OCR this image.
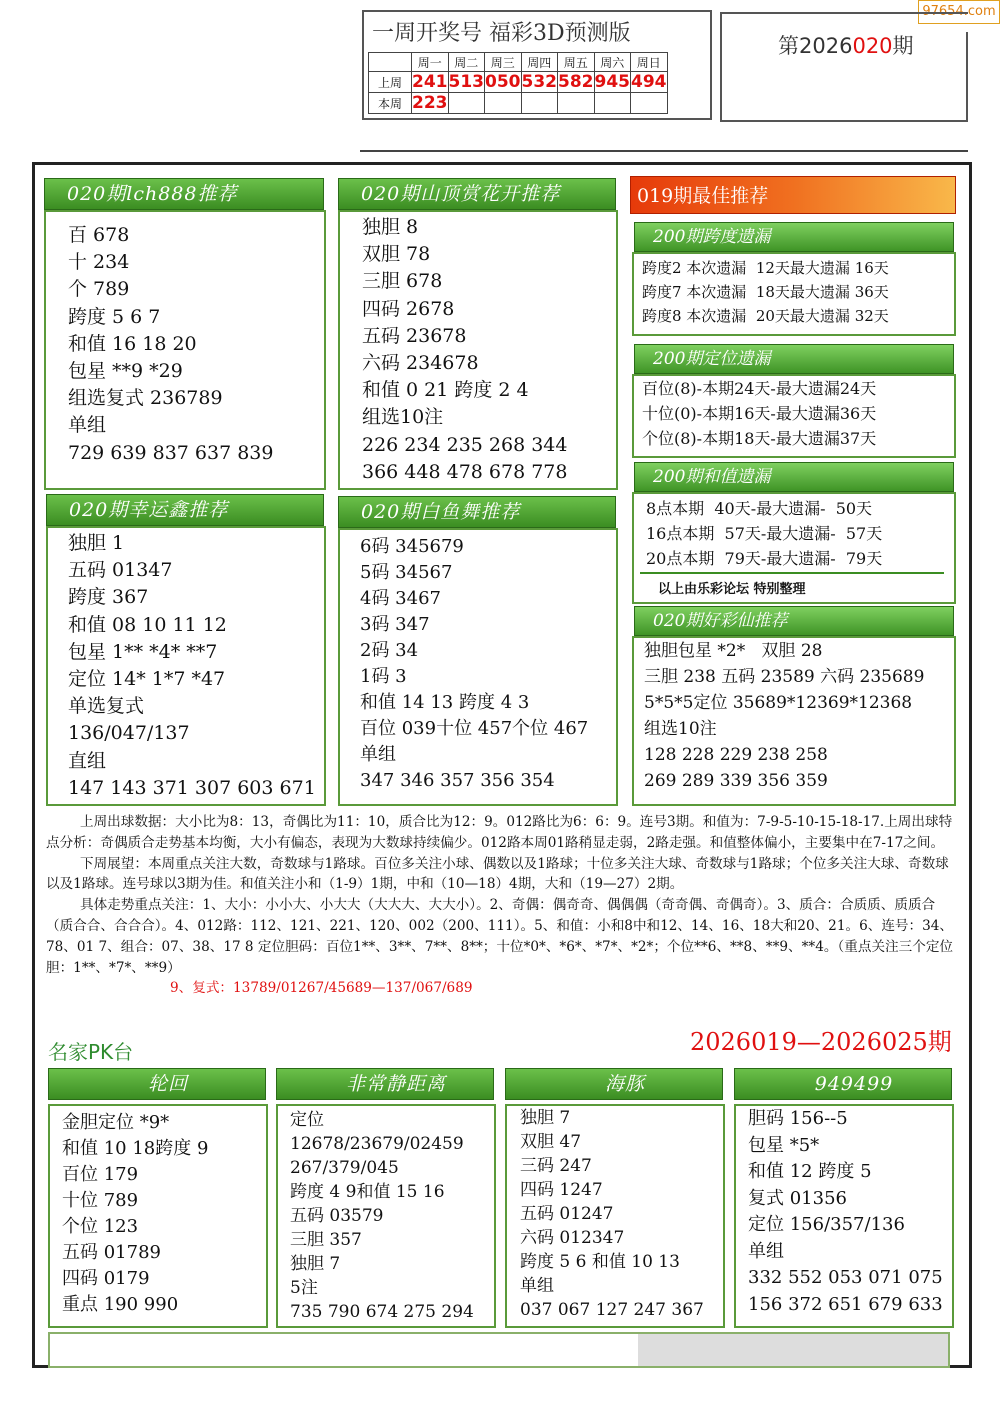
97654.com
一周开奖号 福彩3D预测版
	周一	周二	周三	周四	周五	周六	周日
上周	241	513	050	532	582	945	494
本周	223						
第2026020期
020期lch888推荐
百 678
十 234
个 789
跨度 5 6 7
和值 16 18 20
包星 **9 *29
组选复式 236789
单组
729 639 837 637 839
020期山顶赏花开推荐
独胆 8
双胆 78
三胆 678
四码 2678
五码 23678
六码 234678
和值 0 21 跨度 2 4
组选10注
226 234 235 268 344
366 448 478 678 778
020期幸运鑫推荐
独胆 1
五码 01347
跨度 367
和值 08 10 11 12
包星 1** *4* **7
定位 14* 1*7 *47
单选复式
136/047/137
直组
147 143 371 307 603 671
020期白鱼舞推荐
6码 345679
5码 34567
4码 3467
3码 347
2码 34
1码 3
和值 14 13 跨度 4 3
百位 039十位 457个位 467
单组
347 346 357 356 354
019期最佳推荐
200期跨度遗漏
跨度2 本次遗漏  12天最大遗漏 16天
跨度7 本次遗漏  18天最大遗漏 36天
跨度8 本次遗漏  20天最大遗漏 32天
200期定位遗漏
百位(8)-本期24天-最大遗漏24天
十位(0)-本期16天-最大遗漏36天
个位(8)-本期18天-最大遗漏37天
200期和值遗漏
8点本期  40天-最大遗漏-  50天
16点本期  57天-最大遗漏-  57天
20点本期  79天-最大遗漏-  79天
以上由乐彩论坛 特别整理
020期好彩仙推荐
独胆包星 *2*   双胆 28
三胆 238 五码 23589 六码 235689
5*5*5定位 35689*12369*12368
组选10注
128 228 229 238 258
269 289 339 356 359

上周出球数据：大小比为8：13，奇偶比为11：10，质合比为12：9。012路比为6：6：9。连号3期。和值为：7-9-5-10-15-18-17.上周出球特点分析：奇偶质合走势基本均衡，大小有偏态，表现为大数球持续偏少。012路本周01路稍显走弱，2路走强。和值整体偏小，主要集中在7-17之间。

下周展望：本周重点关注大数，奇数球与1路球。百位多关注小球、偶数以及1路球；十位多关注大球、奇数球与1路球；个位多关注大球、奇数球以及1路球。连号球以3期为佳。和值关注小和（1-9）1期，中和（10—18）4期，大和（19—27）2期。

具体走势重点关注：1、大小：小小大、小大大（大大大、大大小）。2、奇偶：偶奇奇、偶偶偶（奇奇偶、奇偶奇）。3、质合：合质质、质质合（质合合、合合合）。4、012路：112、121、221、120、002（200、111）。5、和值：小和8中和12、14、16、18大和20、21。6、连号：34、78、01 7、组合：07、38、17 8 定位胆码：百位1**、3**、7**、8**；十位*0*、*6*、*7*、*2*；个位**6、**8、**9、**4。（重点关注三个定位胆：1**、*7*、**9）

9、复式：13789/01267/45689—137/067/689

名家PK台	2026019—2026025期
轮回
金胆定位 *9*
和值 10 18跨度 9
百位 179
十位 789
个位 123
五码 01789
四码 0179
重点 190 990
非常静距离
定位
12678/23679/02459
267/379/045
跨度 4 9和值 15 16
五码 03579
三胆 357
独胆 7
5注
735 790 674 275 294
海豚
独胆 7
双胆 47
三码 247
四码 1247
五码 01247
六码 012347
跨度 5 6 和值 10 13
单组
037 067 127 247 367
949499
胆码 156--5
包星 *5*
和值 12 跨度 5
复式 01356
定位 156/357/136
单组
332 552 053 071 075
156 372 651 679 633
